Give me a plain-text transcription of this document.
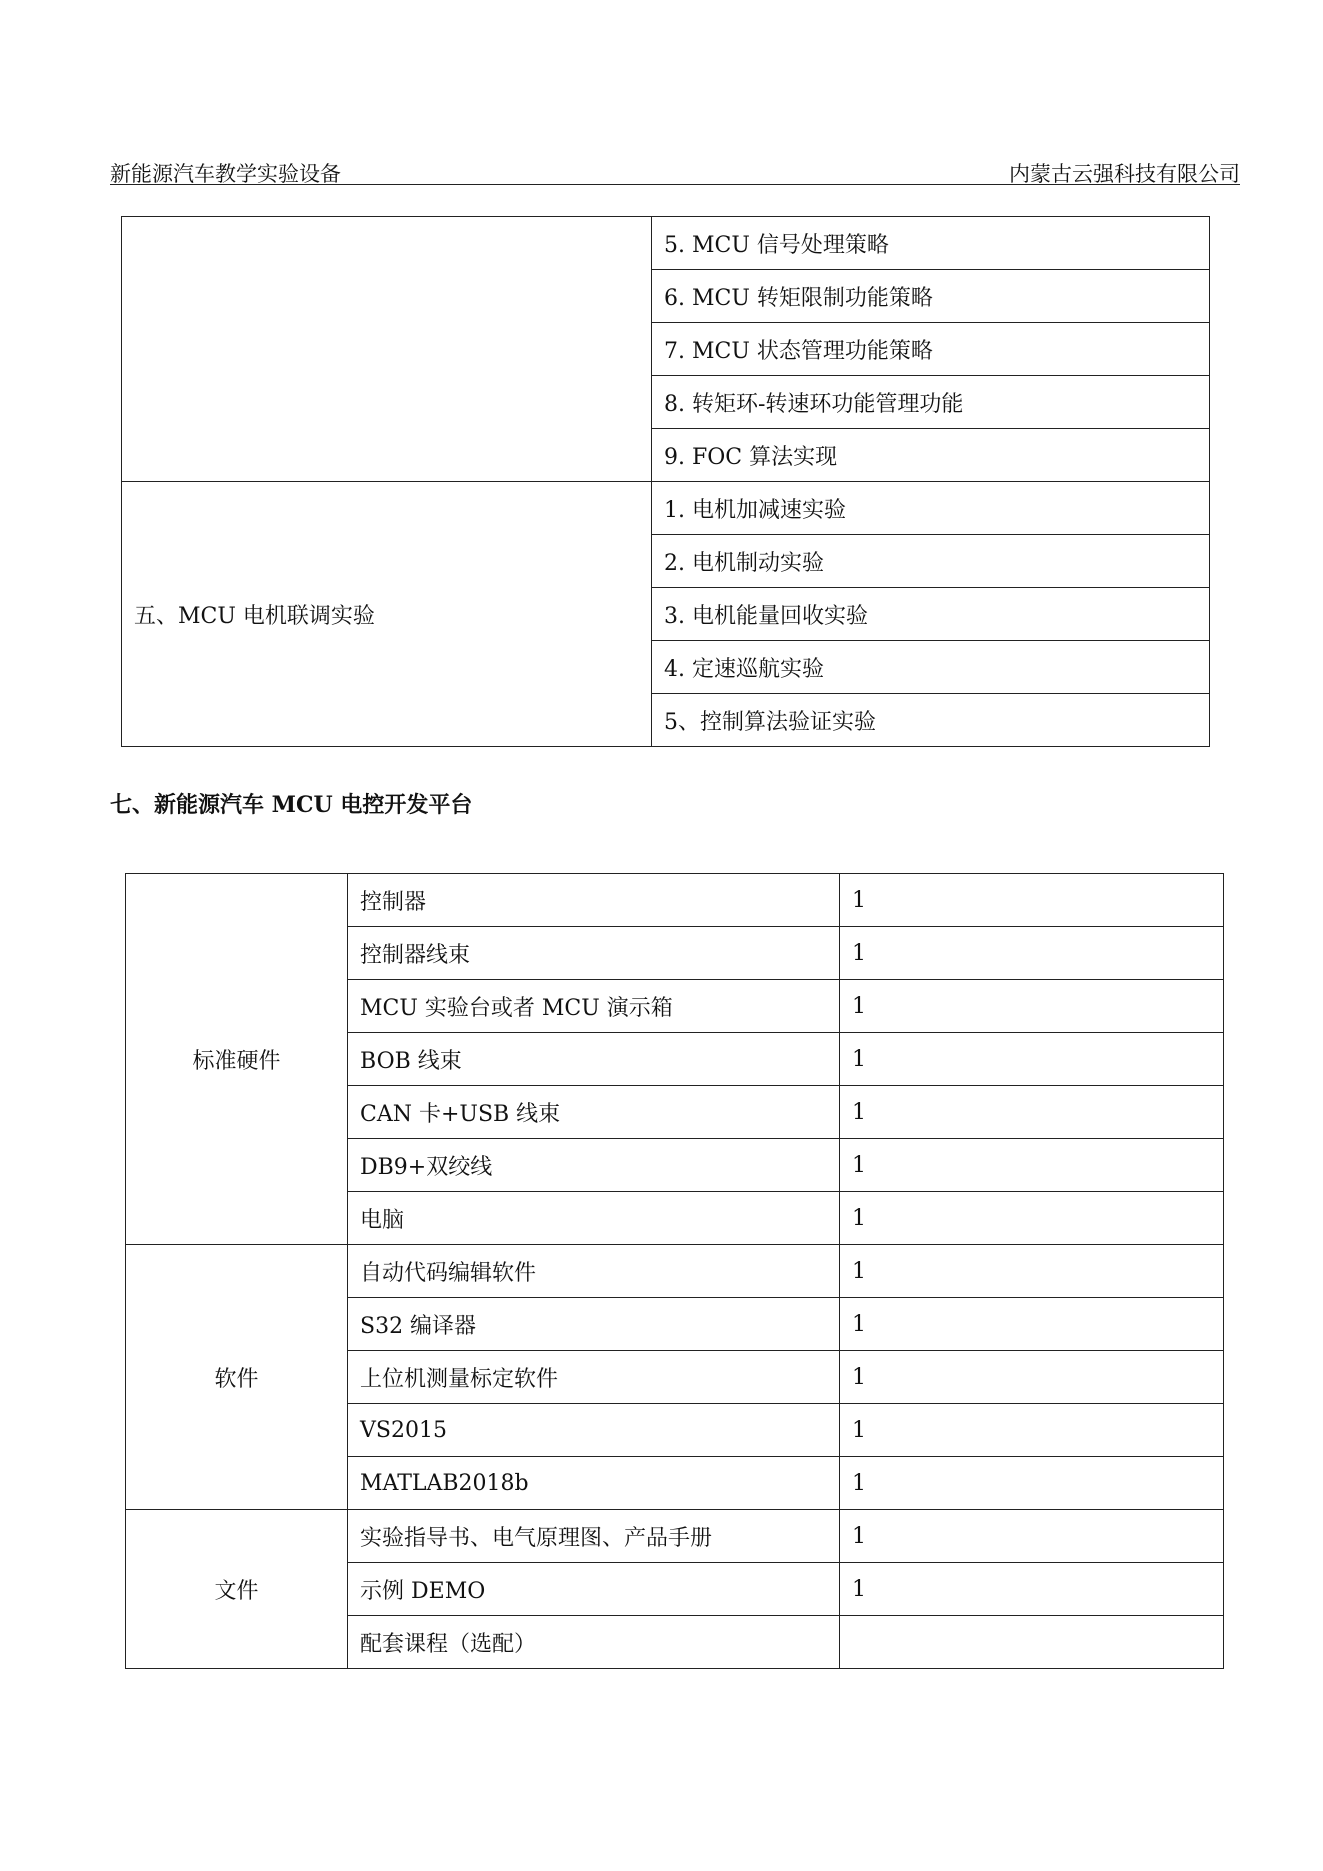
新能源汽车教学实验设备	内蒙古云强科技有限公司
	5. MCU 信号处理策略
	6. MCU 转矩限制功能策略
	7. MCU 状态管理功能策略
	8. 转矩环-转速环功能管理功能
	9. FOC 算法实现
五、MCU 电机联调实验	1. 电机加减速实验
	2. 电机制动实验
	3. 电机能量回收实验
	4. 定速巡航实验
	5、控制算法验证实验
七、新能源汽车 MCU 电控开发平台
标准硬件	控制器	1
	控制器线束	1
	MCU 实验台或者 MCU 演示箱	1
	BOB 线束	1
	CAN 卡+USB 线束	1
	DB9+双绞线	1
	电脑	1
软件	自动代码编辑软件	1
	S32 编译器	1
	上位机测量标定软件	1
	VS2015	1
	MATLAB2018b	1
文件	实验指导书、电气原理图、产品手册	1
	示例 DEMO	1
	配套课程（选配）	
